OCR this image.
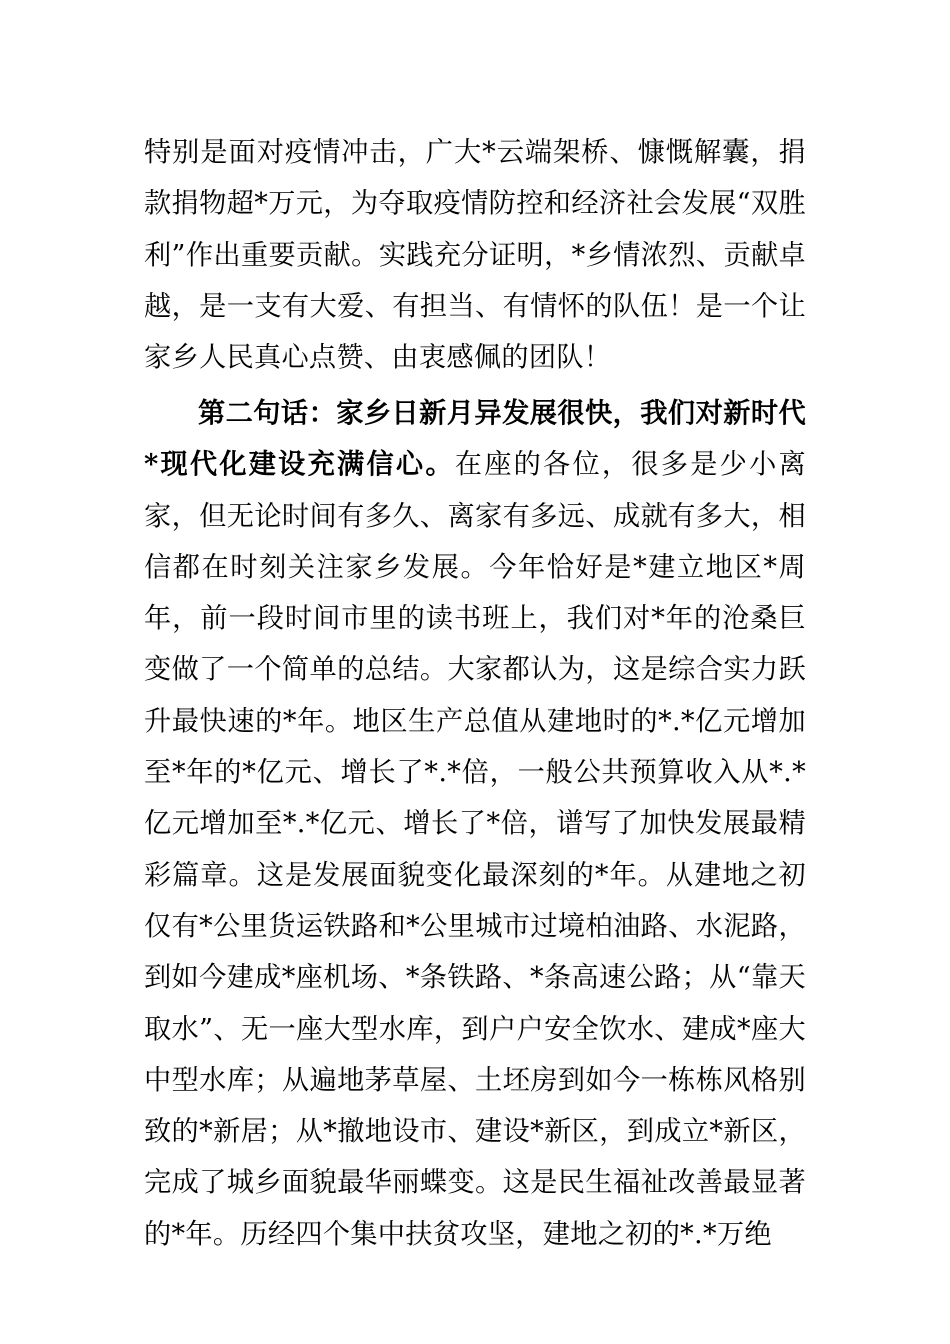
特别是面对疫情冲击，广大*云端架桥、慷慨解囊，捐款捐物超*万元，为夺取疫情防控和经济社会发展“双胜利”作出重要贡献。实践充分证明，*乡情浓烈、贡献卓越，是一支有大爱、有担当、有情怀的队伍！是一个让家乡人民真心点赞、由衷感佩的团队！

第二句话：家乡日新月异发展很快，我们对新时代*现代化建设充满信心。在座的各位，很多是少小离家，但无论时间有多久、离家有多远、成就有多大，相信都在时刻关注家乡发展。今年恰好是*建立地区*周年，前一段时间市里的读书班上，我们对*年的沧桑巨变做了一个简单的总结。大家都认为，这是综合实力跃升最快速的*年。地区生产总值从建地时的*.*亿元增加至*年的*亿元、增长了*.*倍，一般公共预算收入从*.*亿元增加至*.*亿元、增长了*倍，谱写了加快发展最精彩篇章。这是发展面貌变化最深刻的*年。从建地之初仅有*公里货运铁路和*公里城市过境柏油路、水泥路，到如今建成*座机场、*条铁路、*条高速公路；从“靠天取水”、无一座大型水库，到户户安全饮水、建成*座大中型水库；从遍地茅草屋、土坯房到如今一栋栋风格别致的*新居；从*撤地设市、建设*新区，到成立*新区，完成了城乡面貌最华丽蝶变。这是民生福祉改善最显著的*年。历经四个集中扶贫攻坚，建地之初的*.*万绝
